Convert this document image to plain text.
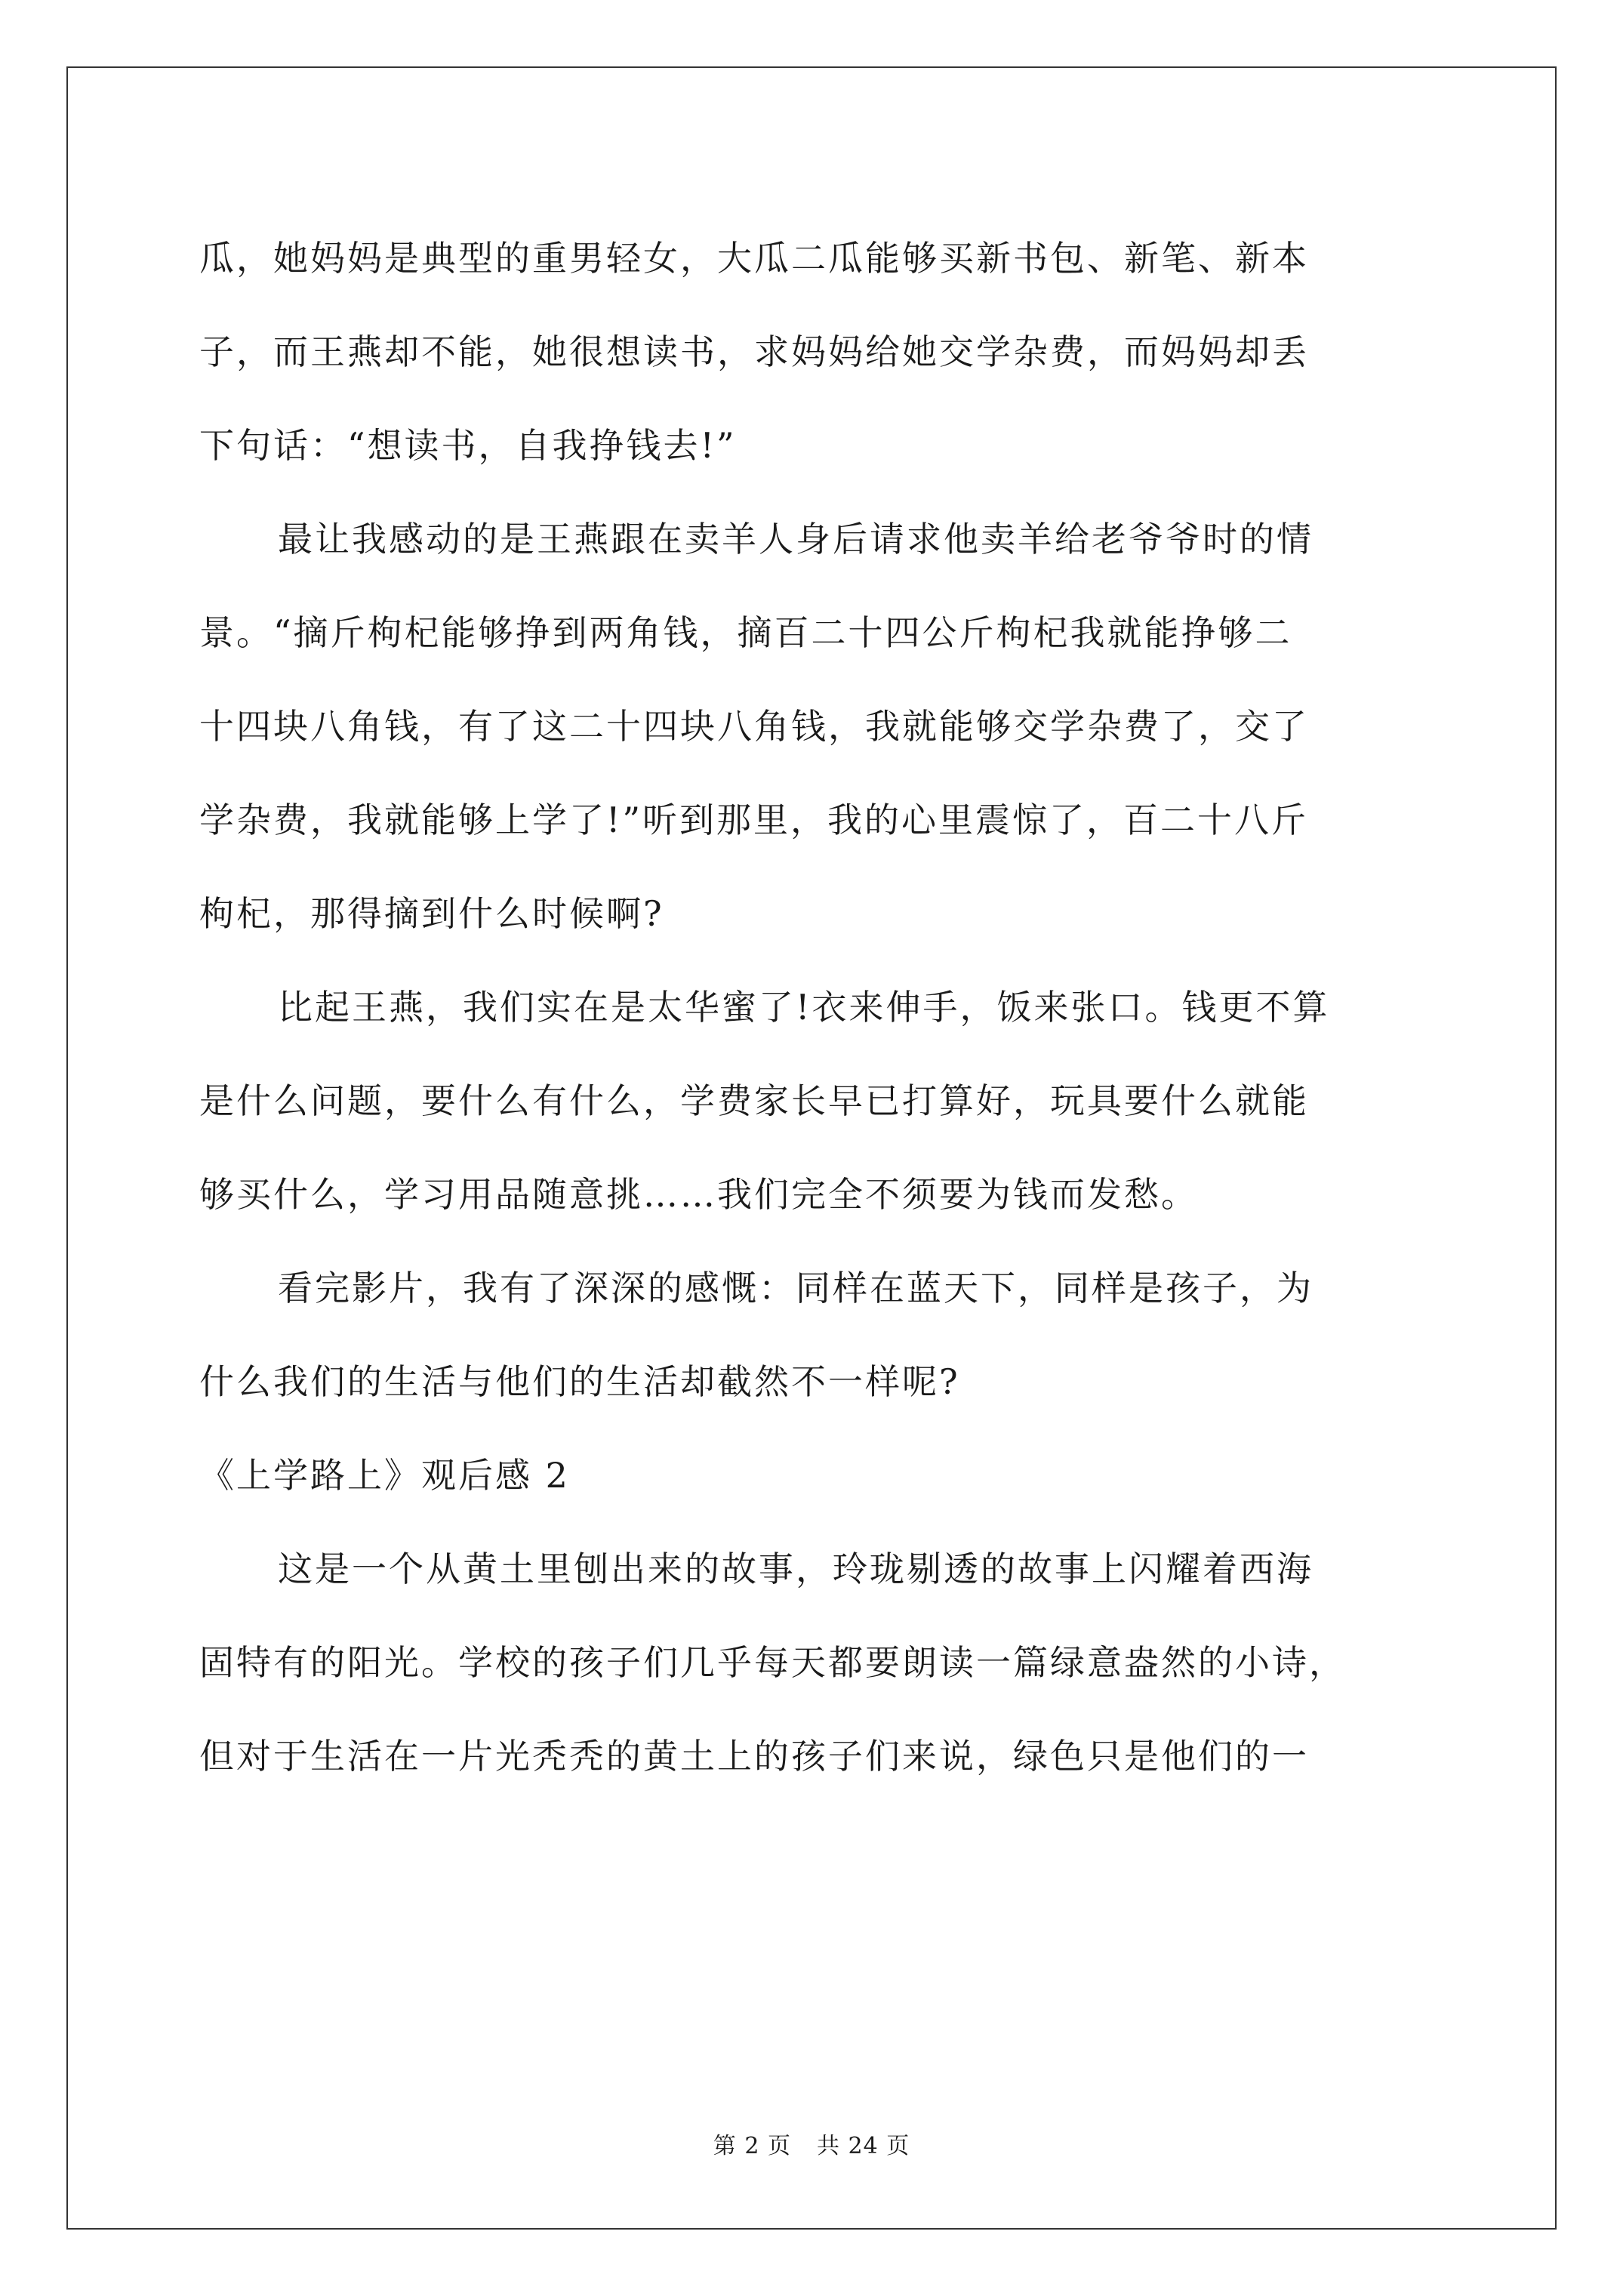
瓜，她妈妈是典型的重男轻女，大瓜二瓜能够买新书包、新笔、新本
子，而王燕却不能，她很想读书，求妈妈给她交学杂费，而妈妈却丢
下句话：“想读书，自我挣钱去!”
最让我感动的是王燕跟在卖羊人身后请求他卖羊给老爷爷时的情
景。“摘斤枸杞能够挣到两角钱，摘百二十四公斤枸杞我就能挣够二
十四块八角钱，有了这二十四块八角钱，我就能够交学杂费了，交了
学杂费，我就能够上学了!”听到那里，我的心里震惊了，百二十八斤
枸杞，那得摘到什么时候啊?
比起王燕，我们实在是太华蜜了!衣来伸手，饭来张口。钱更不算
是什么问题，要什么有什么，学费家长早已打算好，玩具要什么就能
够买什么，学习用品随意挑……我们完全不须要为钱而发愁。
看完影片，我有了深深的感慨：同样在蓝天下，同样是孩子，为
什么我们的生活与他们的生活却截然不一样呢?
《上学路上》观后感 2
这是一个从黄土里刨出来的故事，玲珑剔透的故事上闪耀着西海
固特有的阳光。学校的孩子们几乎每天都要朗读一篇绿意盎然的小诗，
但对于生活在一片光秃秃的黄土上的孩子们来说，绿色只是他们的一
第 2 页 共 24 页
